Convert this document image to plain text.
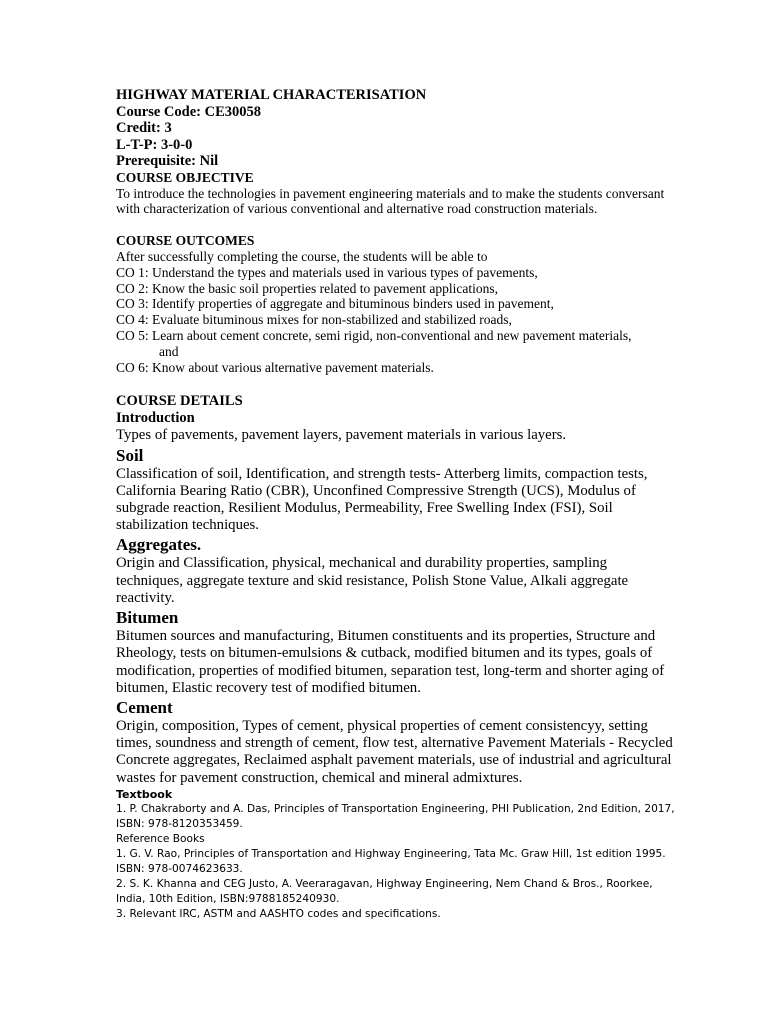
HIGHWAY MATERIAL CHARACTERISATION

Course Code: CE30058

Credit: 3

L-T-P: 3-0-0

Prerequisite: Nil

COURSE OBJECTIVE

To introduce the technologies in pavement engineering materials and to make the students conversant with characterization of various conventional and alternative road construction materials.

COURSE OUTCOMES

After successfully completing the course, the students will be able to

CO 1: Understand the types and materials used in various types of pavements,
CO 2: Know the basic soil properties related to pavement applications,
CO 3: Identify properties of aggregate and bituminous binders used in pavement,
CO 4: Evaluate bituminous mixes for non-stabilized and stabilized roads,
CO 5: Learn about cement concrete, semi rigid, non-conventional and new pavement materials,
and
CO 6: Know about various alternative pavement materials.

COURSE DETAILS

Introduction

Types of pavements, pavement layers, pavement materials in various layers.

Soil

Classification of soil, Identification, and strength tests- Atterberg limits, compaction tests, California Bearing Ratio (CBR), Unconfined Compressive Strength (UCS), Modulus of subgrade reaction, Resilient Modulus, Permeability, Free Swelling Index (FSI), Soil stabilization techniques.

Aggregates.

Origin and Classification, physical, mechanical and durability properties, sampling techniques, aggregate texture and skid resistance, Polish Stone Value, Alkali aggregate reactivity.

Bitumen

Bitumen sources and manufacturing, Bitumen constituents and its properties, Structure and Rheology, tests on bitumen-emulsions & cutback, modified bitumen and its types, goals of modification, properties of modified bitumen, separation test, long-term and shorter aging of bitumen, Elastic recovery test of modified bitumen.

Cement

Origin, composition, Types of cement, physical properties of cement consistencyy, setting times, soundness and strength of cement, flow test, alternative Pavement Materials - Recycled Concrete aggregates, Reclaimed asphalt pavement materials, use of industrial and agricultural wastes for pavement construction, chemical and mineral admixtures.

Textbook

1. P. Chakraborty and A. Das, Principles of Transportation Engineering, PHI Publication, 2nd Edition, 2017, ISBN: 978-8120353459.

Reference Books

1. G. V. Rao, Principles of Transportation and Highway Engineering, Tata Mc. Graw Hill, 1st edition 1995. ISBN: 978-0074623633.

2. S. K. Khanna and CEG Justo, A. Veeraragavan, Highway Engineering, Nem Chand & Bros., Roorkee, India, 10th Edition, ISBN:9788185240930.

3. Relevant IRC, ASTM and AASHTO codes and specifications.
